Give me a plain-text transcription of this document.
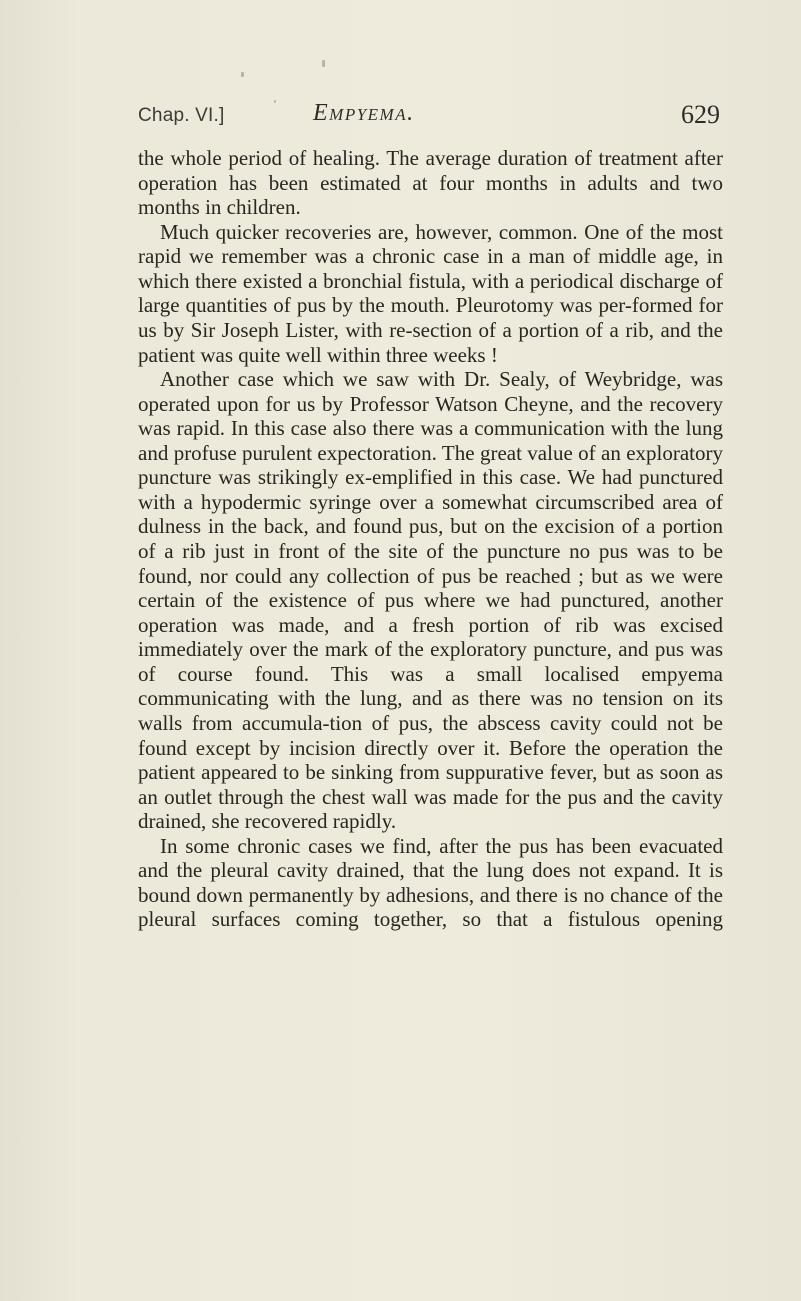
Chap. VI.]	Empyema.	629

the whole period of healing. The average duration of treatment after operation has been estimated at four months in adults and two months in children.

Much quicker recoveries are, however, common. One of the most rapid we remember was a chronic case in a man of middle age, in which there existed a bronchial fistula, with a periodical discharge of large quantities of pus by the mouth. Pleurotomy was per-formed for us by Sir Joseph Lister, with re-section of a portion of a rib, and the patient was quite well within three weeks !

Another case which we saw with Dr. Sealy, of Weybridge, was operated upon for us by Professor Watson Cheyne, and the recovery was rapid. In this case also there was a communication with the lung and profuse purulent expectoration. The great value of an exploratory puncture was strikingly ex-emplified in this case. We had punctured with a hypodermic syringe over a somewhat circumscribed area of dulness in the back, and found pus, but on the excision of a portion of a rib just in front of the site of the puncture no pus was to be found, nor could any collection of pus be reached ; but as we were certain of the existence of pus where we had punctured, another operation was made, and a fresh portion of rib was excised immediately over the mark of the exploratory puncture, and pus was of course found. This was a small localised empyema communicating with the lung, and as there was no tension on its walls from accumula-tion of pus, the abscess cavity could not be found except by incision directly over it. Before the operation the patient appeared to be sinking from suppurative fever, but as soon as an outlet through the chest wall was made for the pus and the cavity drained, she recovered rapidly.

In some chronic cases we find, after the pus has been evacuated and the pleural cavity drained, that the lung does not expand. It is bound down permanently by adhesions, and there is no chance of the pleural surfaces coming together, so that a fistulous opening
